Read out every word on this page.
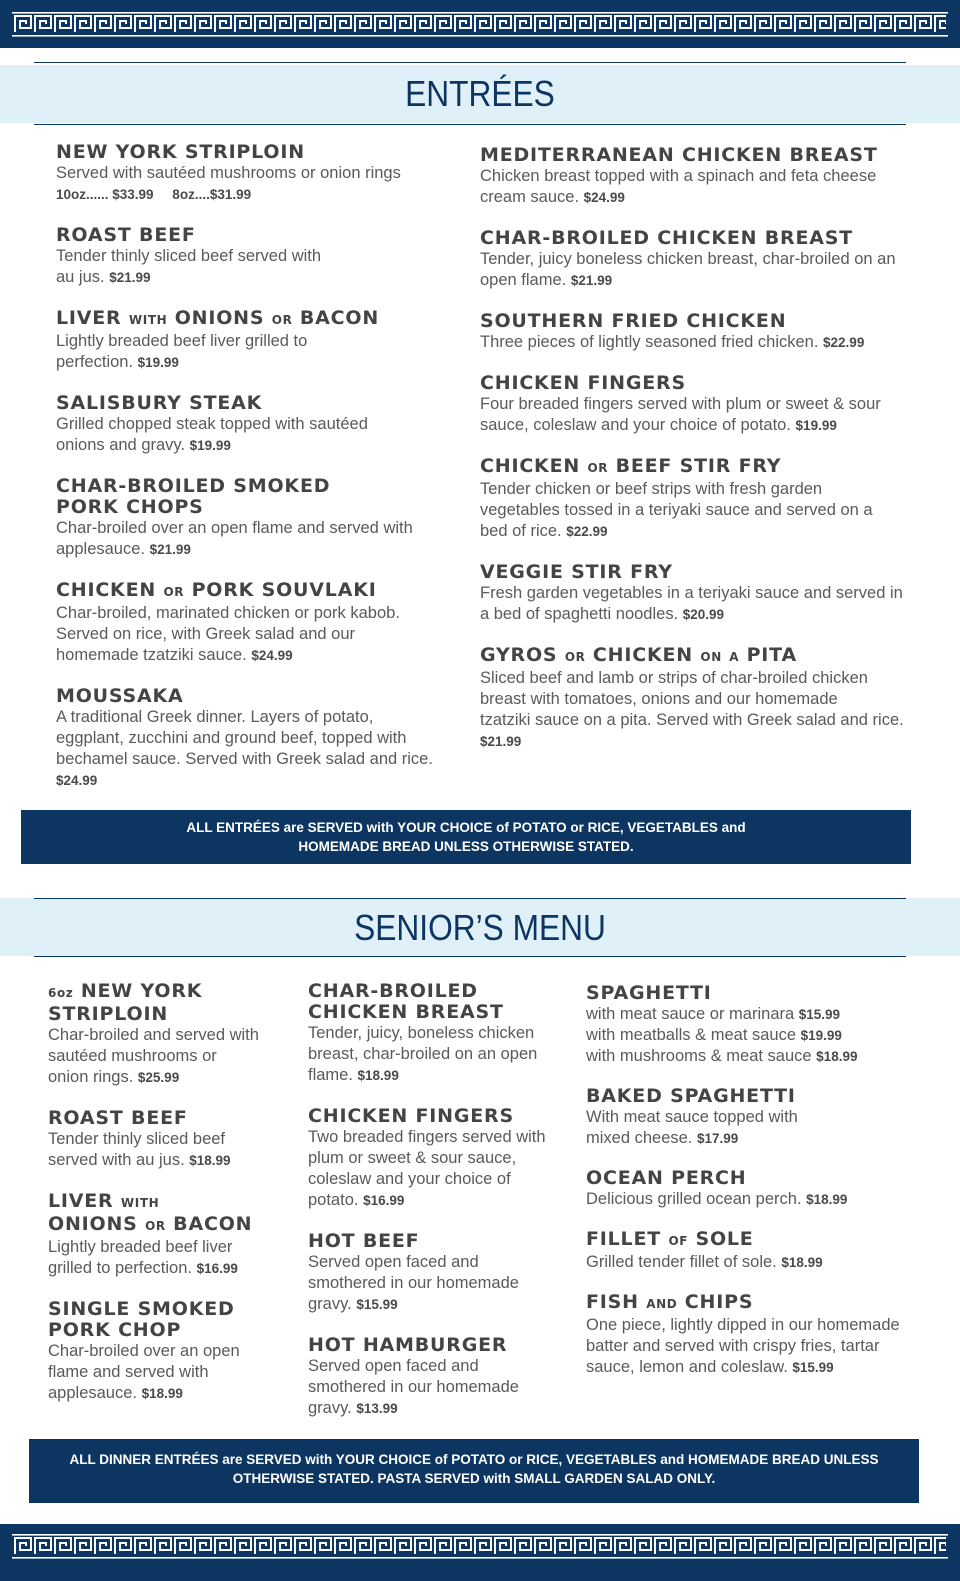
ENTRÉES
NEW YORK STRIPLOIN

Served with sautéed mushrooms or onion rings
10oz...... $33.99     8oz....$31.99

ROAST BEEF

Tender thinly sliced beef served with
au jus. $21.99

LIVER WITH ONIONS OR BACON

Lightly breaded beef liver grilled to
perfection. $19.99

SALISBURY STEAK

Grilled chopped steak topped with sautéed
onions and gravy. $19.99

CHAR-BROILED SMOKED
PORK CHOPS

Char-broiled over an open flame and served with
applesauce. $21.99

CHICKEN OR PORK SOUVLAKI

Char-broiled, marinated chicken or pork kabob.
Served on rice, with Greek salad and our
homemade tzatziki sauce. $24.99

MOUSSAKA

A traditional Greek dinner. Layers of potato,
eggplant, zucchini and ground beef, topped with
bechamel sauce. Served with Greek salad and rice.
$24.99

MEDITERRANEAN CHICKEN BREAST

Chicken breast topped with a spinach and feta cheese
cream sauce. $24.99

CHAR-BROILED CHICKEN BREAST

Tender, juicy boneless chicken breast, char-broiled on an
open flame. $21.99

SOUTHERN FRIED CHICKEN

Three pieces of lightly seasoned fried chicken. $22.99

CHICKEN FINGERS

Four breaded fingers served with plum or sweet & sour
sauce, coleslaw and your choice of potato. $19.99

CHICKEN OR BEEF STIR FRY

Tender chicken or beef strips with fresh garden
vegetables tossed in a teriyaki sauce and served on a
bed of rice. $22.99

VEGGIE STIR FRY

Fresh garden vegetables in a teriyaki sauce and served in
a bed of spaghetti noodles. $20.99

GYROS OR CHICKEN ON A PITA

Sliced beef and lamb or strips of char-broiled chicken
breast with tomatoes, onions and our homemade
tzatziki sauce on a pita. Served with Greek salad and rice.
$21.99

ALL ENTRÉES are SERVED with YOUR CHOICE of POTATO or RICE, VEGETABLES and
HOMEMADE BREAD UNLESS OTHERWISE STATED.
SENIOR’S MENU
6oz NEW YORK
STRIPLOIN

Char-broiled and served with
sautéed mushrooms or
onion rings. $25.99

ROAST BEEF

Tender thinly sliced beef
served with au jus. $18.99

LIVER WITH
ONIONS OR BACON

Lightly breaded beef liver
grilled to perfection. $16.99

SINGLE SMOKED
PORK CHOP

Char-broiled over an open
flame and served with
applesauce. $18.99

CHAR-BROILED
CHICKEN BREAST

Tender, juicy, boneless chicken
breast, char-broiled on an open
flame. $18.99

CHICKEN FINGERS

Two breaded fingers served with
plum or sweet & sour sauce,
coleslaw and your choice of
potato. $16.99

HOT BEEF

Served open faced and
smothered in our homemade
gravy. $15.99

HOT HAMBURGER

Served open faced and
smothered in our homemade
gravy. $13.99

SPAGHETTI

with meat sauce or marinara $15.99
with meatballs & meat sauce $19.99
with mushrooms & meat sauce $18.99

BAKED SPAGHETTI

With meat sauce topped with
mixed cheese. $17.99

OCEAN PERCH

Delicious grilled ocean perch. $18.99

FILLET OF SOLE

Grilled tender fillet of sole. $18.99

FISH AND CHIPS

One piece, lightly dipped in our homemade
batter and served with crispy fries, tartar
sauce, lemon and coleslaw. $15.99

ALL DINNER ENTRÉES are SERVED with YOUR CHOICE of POTATO or RICE, VEGETABLES and HOMEMADE BREAD UNLESS
OTHERWISE STATED. PASTA SERVED with SMALL GARDEN SALAD ONLY.
